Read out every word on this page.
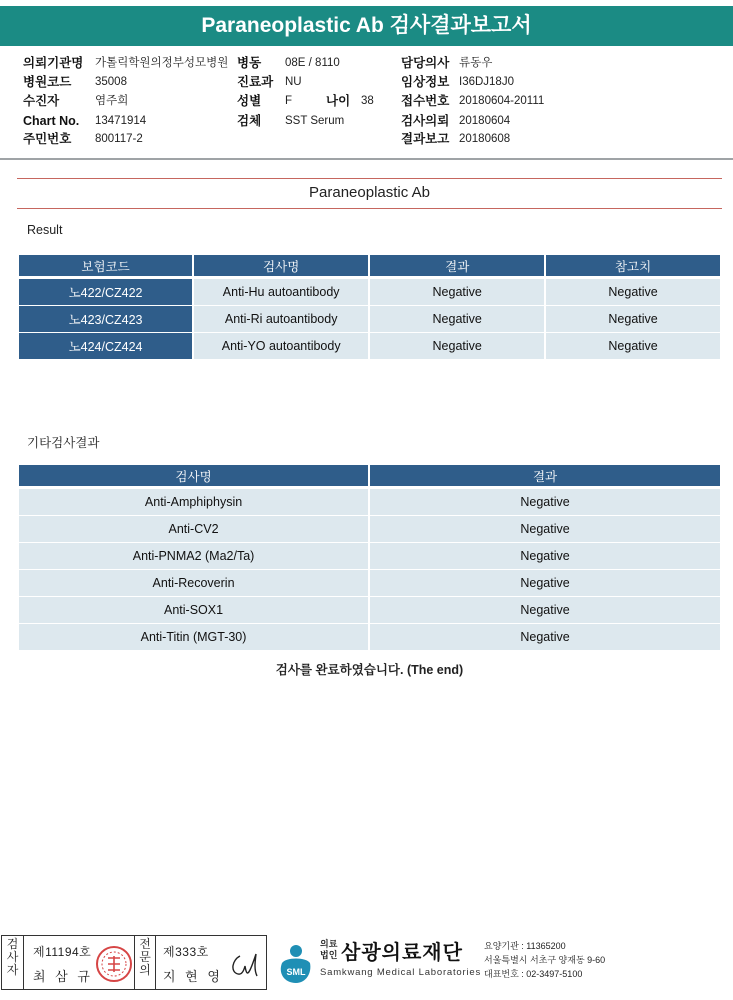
Paraneoplastic Ab 검사결과보고서
의뢰기관명 가톨릭학원의정부성모병원 병동 08E / 8110	담당의사 류동우
병원코드 35008	진료과 NU	임상정보 I36DJ18J0
수진자	염주희	성별 F	나이 38 접수번호 20180604-20111
Chart No. 13471914	검체 SST Serum	검사의뢰 20180604
주민번호 800117-2	결과보고 20180608
Paraneoplastic Ab
Result
보험코드	검사명	결과	참고치
노422/CZ422	Anti-Hu autoantibody	Negative	Negative
노423/CZ423	Anti-Ri autoantibody	Negative	Negative
노424/CZ424	Anti-YO autoantibody	Negative	Negative
기타검사결과
검사명	결과
Anti-Amphiphysin	Negative
Anti-CV2	Negative
Anti-PNMA2 (Ma2/Ta)	Negative
Anti-Recoverin	Negative
Anti-SOX1	Negative
Anti-Titin (MGT-30)	Negative
검사를 완료하였습니다. (The end)
검
사
자
제11194호
최 삼 규
전
문
의
제333호
지 현 영	SML
의료
법인 삼광의료재단
Samkwang Medical Laboratories
요양기관 : 11365200
서울특별시 서초구 양재동 9-60
대표번호 : 02-3497-5100
